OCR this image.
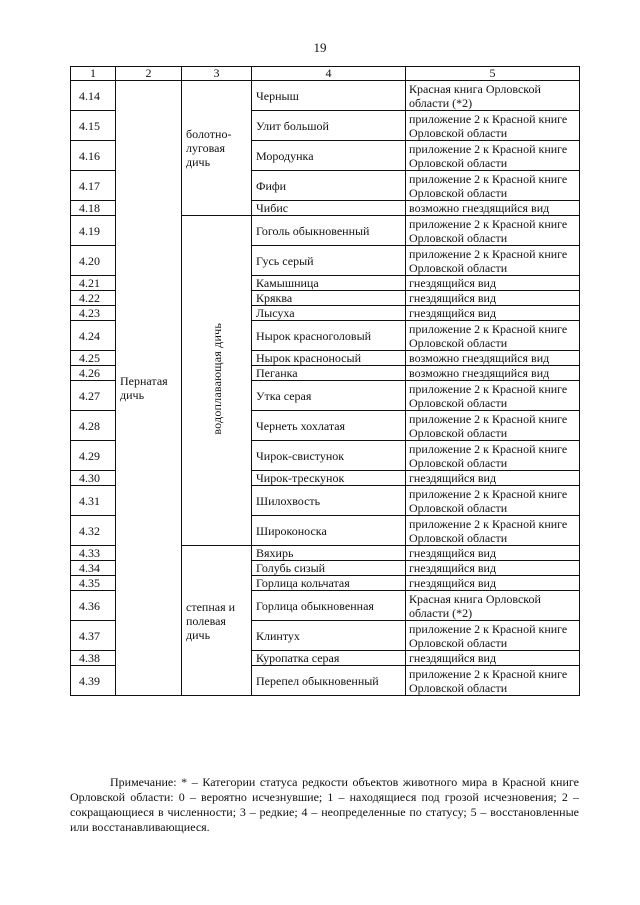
19
1	2	3	4	5
4.14	Пернатая дичь	болотно-луговая дичь	Черныш	Красная книга Орловской области (*2)
4.15			Улит большой	приложение 2 к Красной книге Орловской области
4.16			Мородунка	приложение 2 к Красной книге Орловской области
4.17			Фифи	приложение 2 к Красной книге Орловской области
4.18			Чибис	возможно гнездящийся вид
4.19		водоплавающая дичь	Гоголь обыкновенный	приложение 2 к Красной книге Орловской области
4.20			Гусь серый	приложение 2 к Красной книге Орловской области
4.21			Камышница	гнездящийся вид
4.22			Кряква	гнездящийся вид
4.23			Лысуха	гнездящийся вид
4.24			Нырок красноголовый	приложение 2 к Красной книге Орловской области
4.25			Нырок красноносый	возможно гнездящийся вид
4.26			Пеганка	возможно гнездящийся вид
4.27			Утка серая	приложение 2 к Красной книге Орловской области
4.28			Чернеть хохлатая	приложение 2 к Красной книге Орловской области
4.29			Чирок-свистунок	приложение 2 к Красной книге Орловской области
4.30			Чирок-трескунок	гнездящийся вид
4.31			Шилохвость	приложение 2 к Красной книге Орловской области
4.32			Широконоска	приложение 2 к Красной книге Орловской области
4.33		степная и полевая дичь	Вяхирь	гнездящийся вид
4.34			Голубь сизый	гнездящийся вид
4.35			Горлица кольчатая	гнездящийся вид
4.36			Горлица обыкновенная	Красная книга Орловской области (*2)
4.37			Клинтух	приложение 2 к Красной книге Орловской области
4.38			Куропатка серая	гнездящийся вид
4.39			Перепел обыкновенный	приложение 2 к Красной книге Орловской области

Примечание: * – Категории статуса редкости объектов животного мира в Красной книге Орловской области: 0 – вероятно исчезнувшие; 1 – находящиеся под грозой исчезновения; 2 – сокращающиеся в численности; 3 – редкие; 4 – неопределенные по статусу; 5 – восстановленные или восстанавливающиеся.
